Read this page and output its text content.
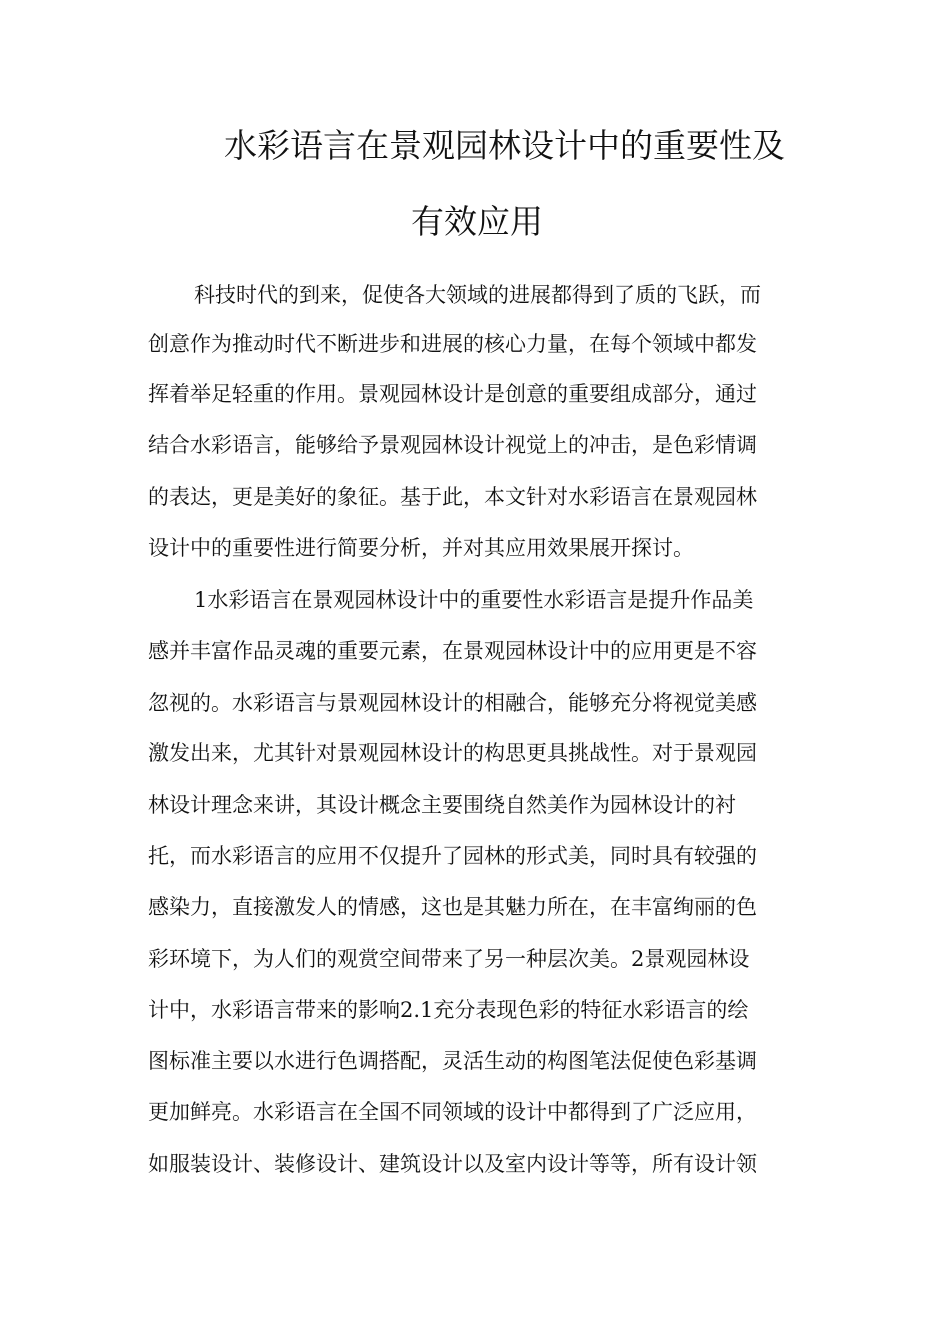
水彩语言在景观园林设计中的重要性及
有效应用
科技时代的到来，促使各大领域的进展都得到了质的飞跃，而
创意作为推动时代不断进步和进展的核心力量，在每个领域中都发
挥着举足轻重的作用。景观园林设计是创意的重要组成部分，通过
结合水彩语言，能够给予景观园林设计视觉上的冲击，是色彩情调
的表达，更是美好的象征。基于此，本文针对水彩语言在景观园林
设计中的重要性进行简要分析，并对其应用效果展开探讨。
1水彩语言在景观园林设计中的重要性水彩语言是提升作品美
感并丰富作品灵魂的重要元素，在景观园林设计中的应用更是不容
忽视的。水彩语言与景观园林设计的相融合，能够充分将视觉美感
激发出来，尤其针对景观园林设计的构思更具挑战性。对于景观园
林设计理念来讲，其设计概念主要围绕自然美作为园林设计的衬
托，而水彩语言的应用不仅提升了园林的形式美，同时具有较强的
感染力，直接激发人的情感，这也是其魅力所在，在丰富绚丽的色
彩环境下，为人们的观赏空间带来了另一种层次美。2景观园林设
计中，水彩语言带来的影响2.1充分表现色彩的特征水彩语言的绘
图标准主要以水进行色调搭配，灵活生动的构图笔法促使色彩基调
更加鲜亮。水彩语言在全国不同领域的设计中都得到了广泛应用，
如服装设计、装修设计、建筑设计以及室内设计等等，所有设计领
